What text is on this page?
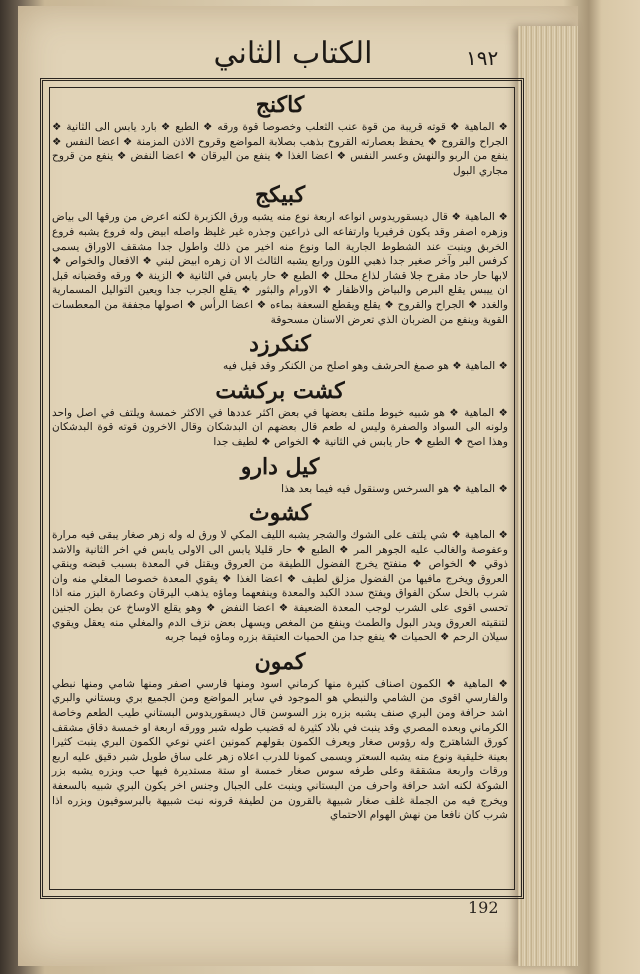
الكتاب الثاني	١٩٢
كاكنج
❖ الماهية ❖ قوته قريبة من قوة عنب الثعلب وخصوصا قوة ورقه ❖ الطبع ❖ بارد يابس الى الثانية ❖ الجراح والقروح ❖ يحفظ بعصارته القروح بذهب بصلابة المواضع وقروح الاذن المزمنة ❖ اعضا النفس ❖ ينفع من الربو والنهش وعسر النفس ❖ اعضا الغذا ❖ ينفع من اليرقان ❖ اعضا النفض ❖ ينفع من قروح مجاري البول
كبيكج
❖ الماهية ❖ قال ديسقوريدوس انواعه اربعة نوع منه يشبه ورق الكزبرة لكنه اعرض من ورقها الى بياض وزهره اصفر وقد يكون فرفيريا وارتفاعه الى ذراعين وجذره غير غليظ واصله ابيض وله فروع يشبه فروع الخربق وينبت عند الشطوط الجارية الما ونوع منه اخير من ذلك واطول جدا مشقف الاوراق يسمى كرفس البر وآخر صغير جدا ذهبي اللون ورابع يشبه الثالث الا ان زهره ابيض لبني ❖ الافعال والخواص ❖ لابها حار حاد مقرح جلا قشار لذاع محلل ❖ الطبع ❖ حار يابس في الثانية ❖ الزينة ❖ ورقه وقضبانه قبل ان ييبس يقلع البرص والبياض والاظفار ❖ الاورام والبثور ❖ يقلع الجرب جدا ويعين التواليل المسمارية والغدد ❖ الجراح والقروح ❖ يقلع ويقطع السعفة بماءه ❖ اعضا الرأس ❖ اصولها مجففة من المعطسات القوية وينفع من الضربان الذي تعرض الاسنان مسحوقة
كنكرزد
❖ الماهية ❖ هو صمغ الحرشف وهو اصلح من الكنكر وقد قيل فيه
كشت بركشت
❖ الماهية ❖ هو شبيه خيوط ملتف بعضها في بعض اكثر عددها في الاكثر خمسة ويلتف في اصل واحد ولونه الى السواد والصفرة وليس له طعم قال بعضهم ان البدشكان وقال الاخرون قوته قوة البدشكان وهذا اصح ❖ الطبع ❖ حار يابس في الثانية ❖ الخواص ❖ لطيف جدا
كيل دارو
❖ الماهية ❖ هو السرخس وسنقول فيه فيما بعد هذا
كشوث
❖ الماهية ❖ شي يلتف على الشوك والشجر يشبه الليف المكي لا ورق له وله زهر صغار يبقى فيه مرارة وعفوصة والغالب عليه الجوهر المر ❖ الطبع ❖ حار قليلا يابس الى الاولى يابس في اخر الثانية والاشد ذوقي ❖ الخواص ❖ منفتح يخرج الفضول اللطيفة من العروق ويقتل في المعدة بسبب قبضه وينقي العروق ويخرج مافيها من الفضول مزلق لطيف ❖ اعضا الغذا ❖ يقوي المعدة خصوصا المغلي منه وان شرب بالخل سكن الفواق ويفتح سدد الكبد والمعدة وينفعهما وماؤه يذهب اليرقان وعصارة البزر منه اذا تحسى اقوى على الشرب لوجب المعدة الضعيفة ❖ اعضا النفض ❖ وهو يقلع الاوساخ عن بطن الجنين لتنقيته العروق ويدر البول والطمث وينفع من المغص ويسهل بعض نزف الدم والمغلي منه يعقل ويقوي سيلان الرحم ❖ الحميات ❖ ينفع جدا من الحميات العتيقة بزره وماؤه فيما جربه
كمون
❖ الماهية ❖ الكمون اصناف كثيرة منها كرماني اسود ومنها فارسي اصفر ومنها شامي ومنها نبطي والفارسي اقوى من الشامي والنبطي هو الموجود في ساير المواضع ومن الجميع بري وبستاني والبري اشد حرافة ومن البري صنف يشبه بزره بزر السوسن قال ديسقوريدوس البستاني طيب الطعم وخاصة الكرماني وبعده المصري وقد ينبت في بلاد كثيرة له قضيب طوله شبر وورقه اربعة او خمسة دقاق مشقف كورق الشاهترج وله رؤوس صغار ويعرف الكمون بقولهم كمونين اعني نوعي الكمون البري ينبت كثيرا بعينة خليقية ونوع منه يشبه السعتر ويسمى كمونا للدرب اعلاه زهر على ساق طويل شبر دقيق عليه اربع ورقات واربعة مشققة وعلى طرفه سوس صغار خمسة او ستة مستديرة فيها حب وبزره يشبه بزر الشوكة لكنه اشد حرافة واحرف من البستاني وينبت على الجبال وجنس اخر يكون البري شبيه بالسعفة ويخرج فيه من الجملة غلف صغار شبيهة بالقرون من لطيفة قرونه نبت شبيهة بالبرسوفيون وبزره اذا شرب كان نافعا من نهش الهوام الاحتماي
192
